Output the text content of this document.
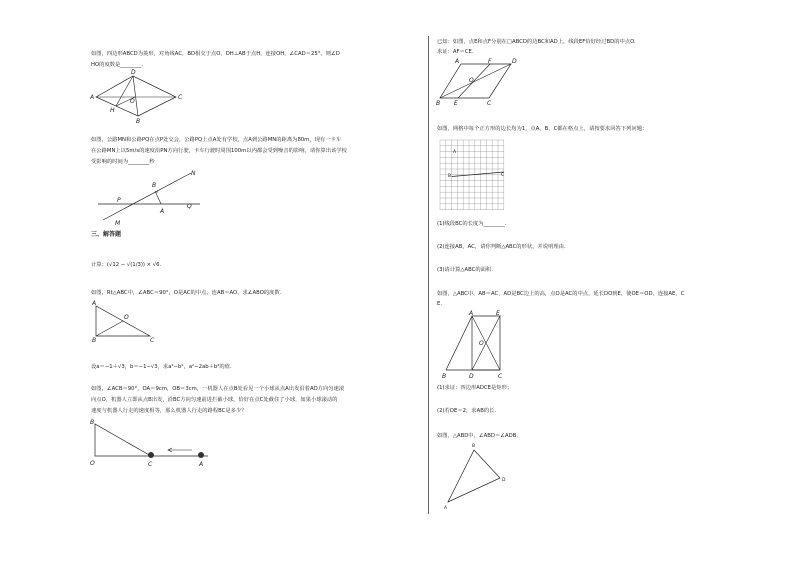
如图，四边形ABCD为菱形，对角线AC，BD相交于点O，DH⊥AB于点H，连接OH，∠CAD＝25°，则∠D
HO的度数是________.
A
D
C
B
H
O
如图，公路MN和公路PQ在点P处交会，公路PQ上点A处有学校，点A到公路MN的距离为80m，现有一卡车
在公路MN上以5m/s的速度沿PN方向行驶，卡车行驶时周围100m以内都会受到噪音的影响，请你算出该学校
受影响的时间为________秒
P
B
A
Q
M
N
三、解答题
计算：(√12 − √(1/3)) × √6.
如图，Rt△ABC中，∠ABC＝90°，O是AC的中点，连AB＝AO，求∠ABO的度数.
A
B	C
O
设a＝−1＋√3，b＝−1−√3，求a²−b²，a²−2ab＋b²的值.
如图，∠ACB＝90°，OA＝9cm，OB＝3cm，一机器人在点B处看见一个小球从点A出发沿着AO方向匀速滚
向点O，机器人立即从点B出发，沿BC方向匀速前进拦截小球，恰好在点C处截住了小球，如果小球滚动的
速度与机器人行走的速度相等，那么机器人行走的路程BC是多少？
B
O	C	A
已知：如图，点E和点F分别在□ABCD的边BC和AD上，线段EF恰好经过BD的中点O.
求证：AF＝CE.
A	F	D
O
B E	C
如图，网格中每个正方形的边长均为1，点A、B、C都在格点上，请按要求回答下列问题：
A
B	C
(1)线段BC的长度为________.
(2)连接AB，AC，请你判断△ABC的形状，并说明理由.
(3)请计算△ABC的面积.
如图，△ABC中，AB＝AC，AD是BC边上的高，点O是AC的中点，延长DO到E，使OE＝OD，连接AE，C
E.
A	E
O
B	D	C
(1)求证：四边形ADCE是矩形；
(2)若OE＝2，求AB的长.
如图，△ABD中，∠ABD＝∠ADB.
B
D
A
